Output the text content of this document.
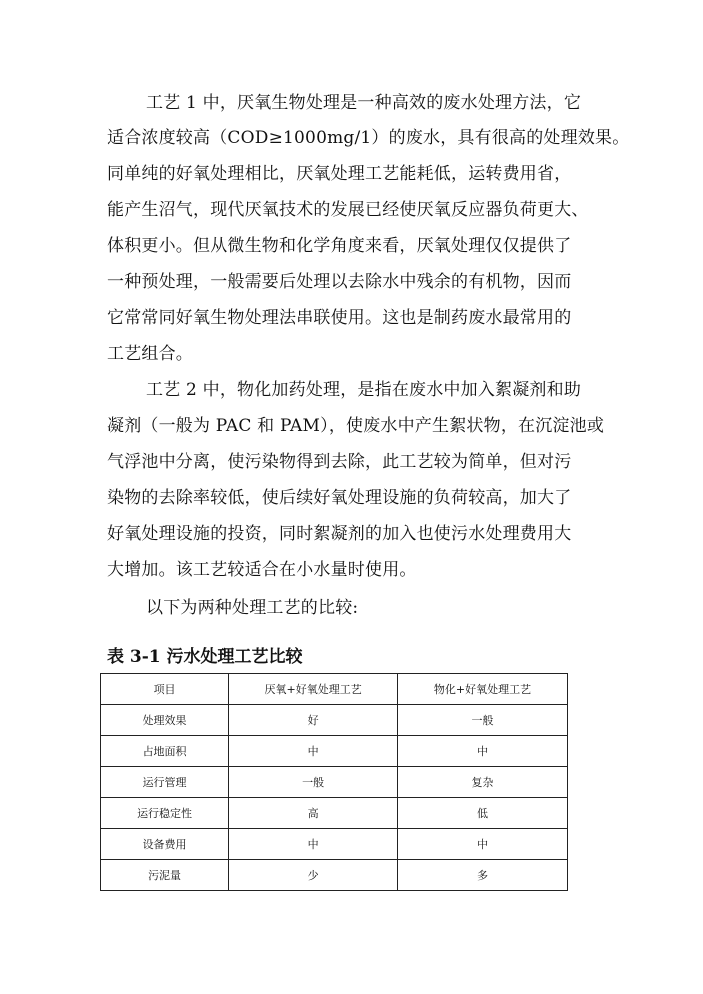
工艺 1 中，厌氧生物处理是一种高效的废水处理方法，它
适合浓度较高（COD≥1000mg/1）的废水，具有很高的处理效果。
同单纯的好氧处理相比，厌氧处理工艺能耗低，运转费用省，
能产生沼气，现代厌氧技术的发展已经使厌氧反应器负荷更大、
体积更小。但从微生物和化学角度来看，厌氧处理仅仅提供了
一种预处理，一般需要后处理以去除水中残余的有机物，因而
它常常同好氧生物处理法串联使用。这也是制药废水最常用的
工艺组合。
工艺 2 中，物化加药处理，是指在废水中加入絮凝剂和助
凝剂（一般为 PAC 和 PAM），使废水中产生絮状物，在沉淀池或
气浮池中分离，使污染物得到去除，此工艺较为简单，但对污
染物的去除率较低，使后续好氧处理设施的负荷较高，加大了
好氧处理设施的投资，同时絮凝剂的加入也使污水处理费用大
大增加。该工艺较适合在小水量时使用。
以下为两种处理工艺的比较:
表 3-1 污水处理工艺比较
项目	厌氧+好氧处理工艺	物化+好氧处理工艺
处理效果	好	一般
占地面积	中	中
运行管理	一般	复杂
运行稳定性	高	低
设备费用	中	中
污泥量	少	多
